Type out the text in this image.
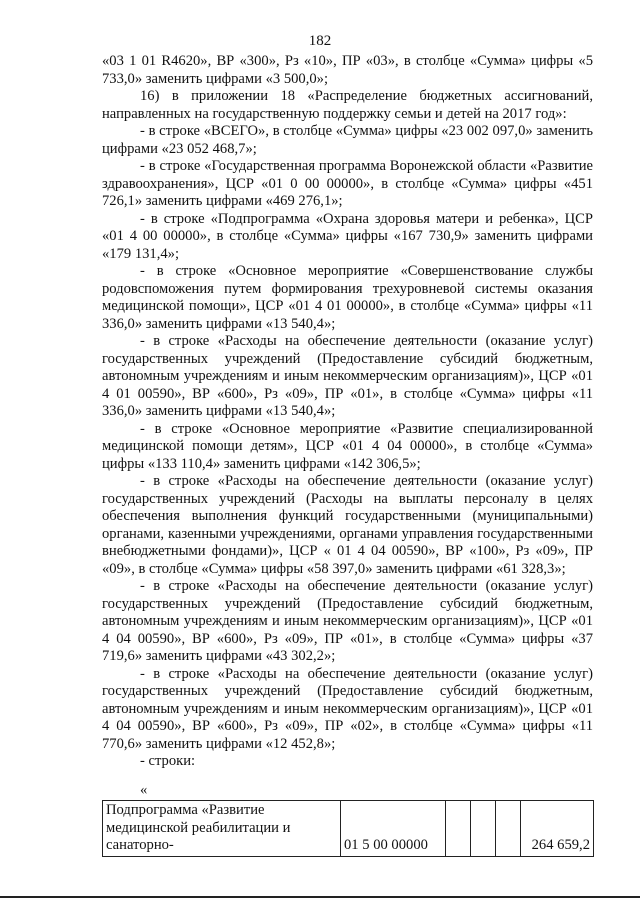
182

«03 1 01 R4620», ВР «300», Рз «10», ПР «03», в столбце «Сумма» цифры «5 733,0» заменить цифрами «3 500,0»;

16) в приложении 18 «Распределение бюджетных ассигнований, направленных на государственную поддержку семьи и детей на 2017 год»:

- в строке «ВСЕГО», в столбце «Сумма» цифры «23 002 097,0» заменить цифрами «23 052 468,7»;

- в строке «Государственная программа Воронежской области «Развитие здравоохранения», ЦСР «01 0 00 00000», в столбце «Сумма» цифры «451 726,1» заменить цифрами «469 276,1»;

- в строке «Подпрограмма «Охрана здоровья матери и ребенка», ЦСР «01 4 00 00000», в столбце «Сумма» цифры «167 730,9» заменить цифрами «179 131,4»;

- в строке «Основное мероприятие «Совершенствование службы родовспоможения путем формирования трехуровневой системы оказания медицинской помощи», ЦСР «01 4 01 00000», в столбце «Сумма» цифры «11 336,0» заменить цифрами «13 540,4»;

- в строке «Расходы на обеспечение деятельности (оказание услуг) государственных учреждений (Предоставление субсидий бюджетным, автономным учреждениям и иным некоммерческим организациям)», ЦСР «01 4 01 00590», ВР «600», Рз «09», ПР «01», в столбце «Сумма» цифры «11 336,0» заменить цифрами «13 540,4»;

- в строке «Основное мероприятие «Развитие специализированной медицинской помощи детям», ЦСР «01 4 04 00000», в столбце «Сумма» цифры «133 110,4» заменить цифрами «142 306,5»;

- в строке «Расходы на обеспечение деятельности (оказание услуг) государственных учреждений (Расходы на выплаты персоналу в целях обеспечения выполнения функций государственными (муниципальными) органами, казенными учреждениями, органами управления государственными внебюджетными фондами)», ЦСР « 01 4 04 00590», ВР «100», Рз «09», ПР «09», в столбце «Сумма» цифры «58 397,0» заменить цифрами «61 328,3»;

- в строке «Расходы на обеспечение деятельности (оказание услуг) государственных учреждений (Предоставление субсидий бюджетным, автономным учреждениям и иным некоммерческим организациям)», ЦСР «01 4 04 00590», ВР «600», Рз «09», ПР «01», в столбце «Сумма» цифры «37 719,6» заменить цифрами «43 302,2»;

- в строке «Расходы на обеспечение деятельности (оказание услуг) государственных учреждений (Предоставление субсидий бюджетным, автономным учреждениям и иным некоммерческим организациям)», ЦСР «01 4 04 00590», ВР «600», Рз «09», ПР «02», в столбце «Сумма» цифры «11 770,6» заменить цифрами «12 452,8»;

- строки:

«
Подпрограмма «Развитие медицинской реабилитации и санаторно-	01 5 00 00000				264 659,2
